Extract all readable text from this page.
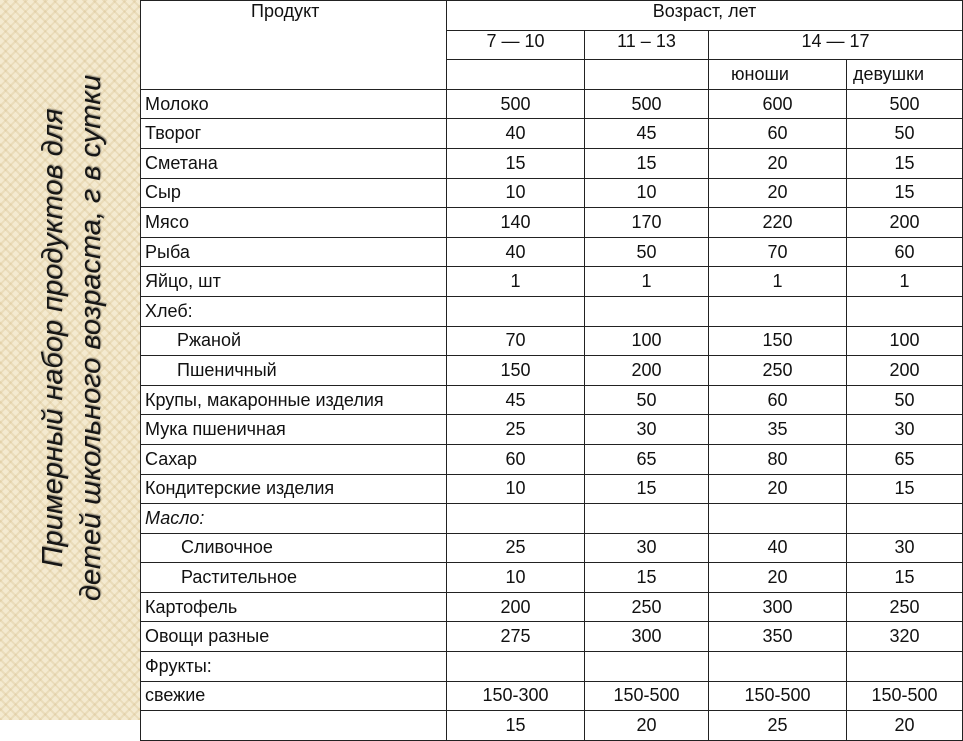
Примерный набор продуктов для детей школьного возраста, г в сутки
Продукт	Возраст, лет			
	7 — 10	11 – 13	14 — 17	
			юноши	девушки
Молоко	500	500	600	500
Творог	40	45	60	50
Сметана	15	15	20	15
Сыр	10	10	20	15
Мясо	140	170	220	200
Рыба	40	50	70	60
Яйцо, шт	1	1	1	1
Хлеб:				
Ржаной	70	100	150	100
Пшеничный	150	200	250	200
Крупы, макаронные изделия	45	50	60	50
Мука пшеничная	25	30	35	30
Сахар	60	65	80	65
Кондитерские изделия	10	15	20	15
Масло:				
Сливочное	25	30	40	30
Растительное	10	15	20	15
Картофель	200	250	300	250
Овощи разные	275	300	350	320
Фрукты:				
свежие	150-300	150-500	150-500	150-500
	15	20	25	20
